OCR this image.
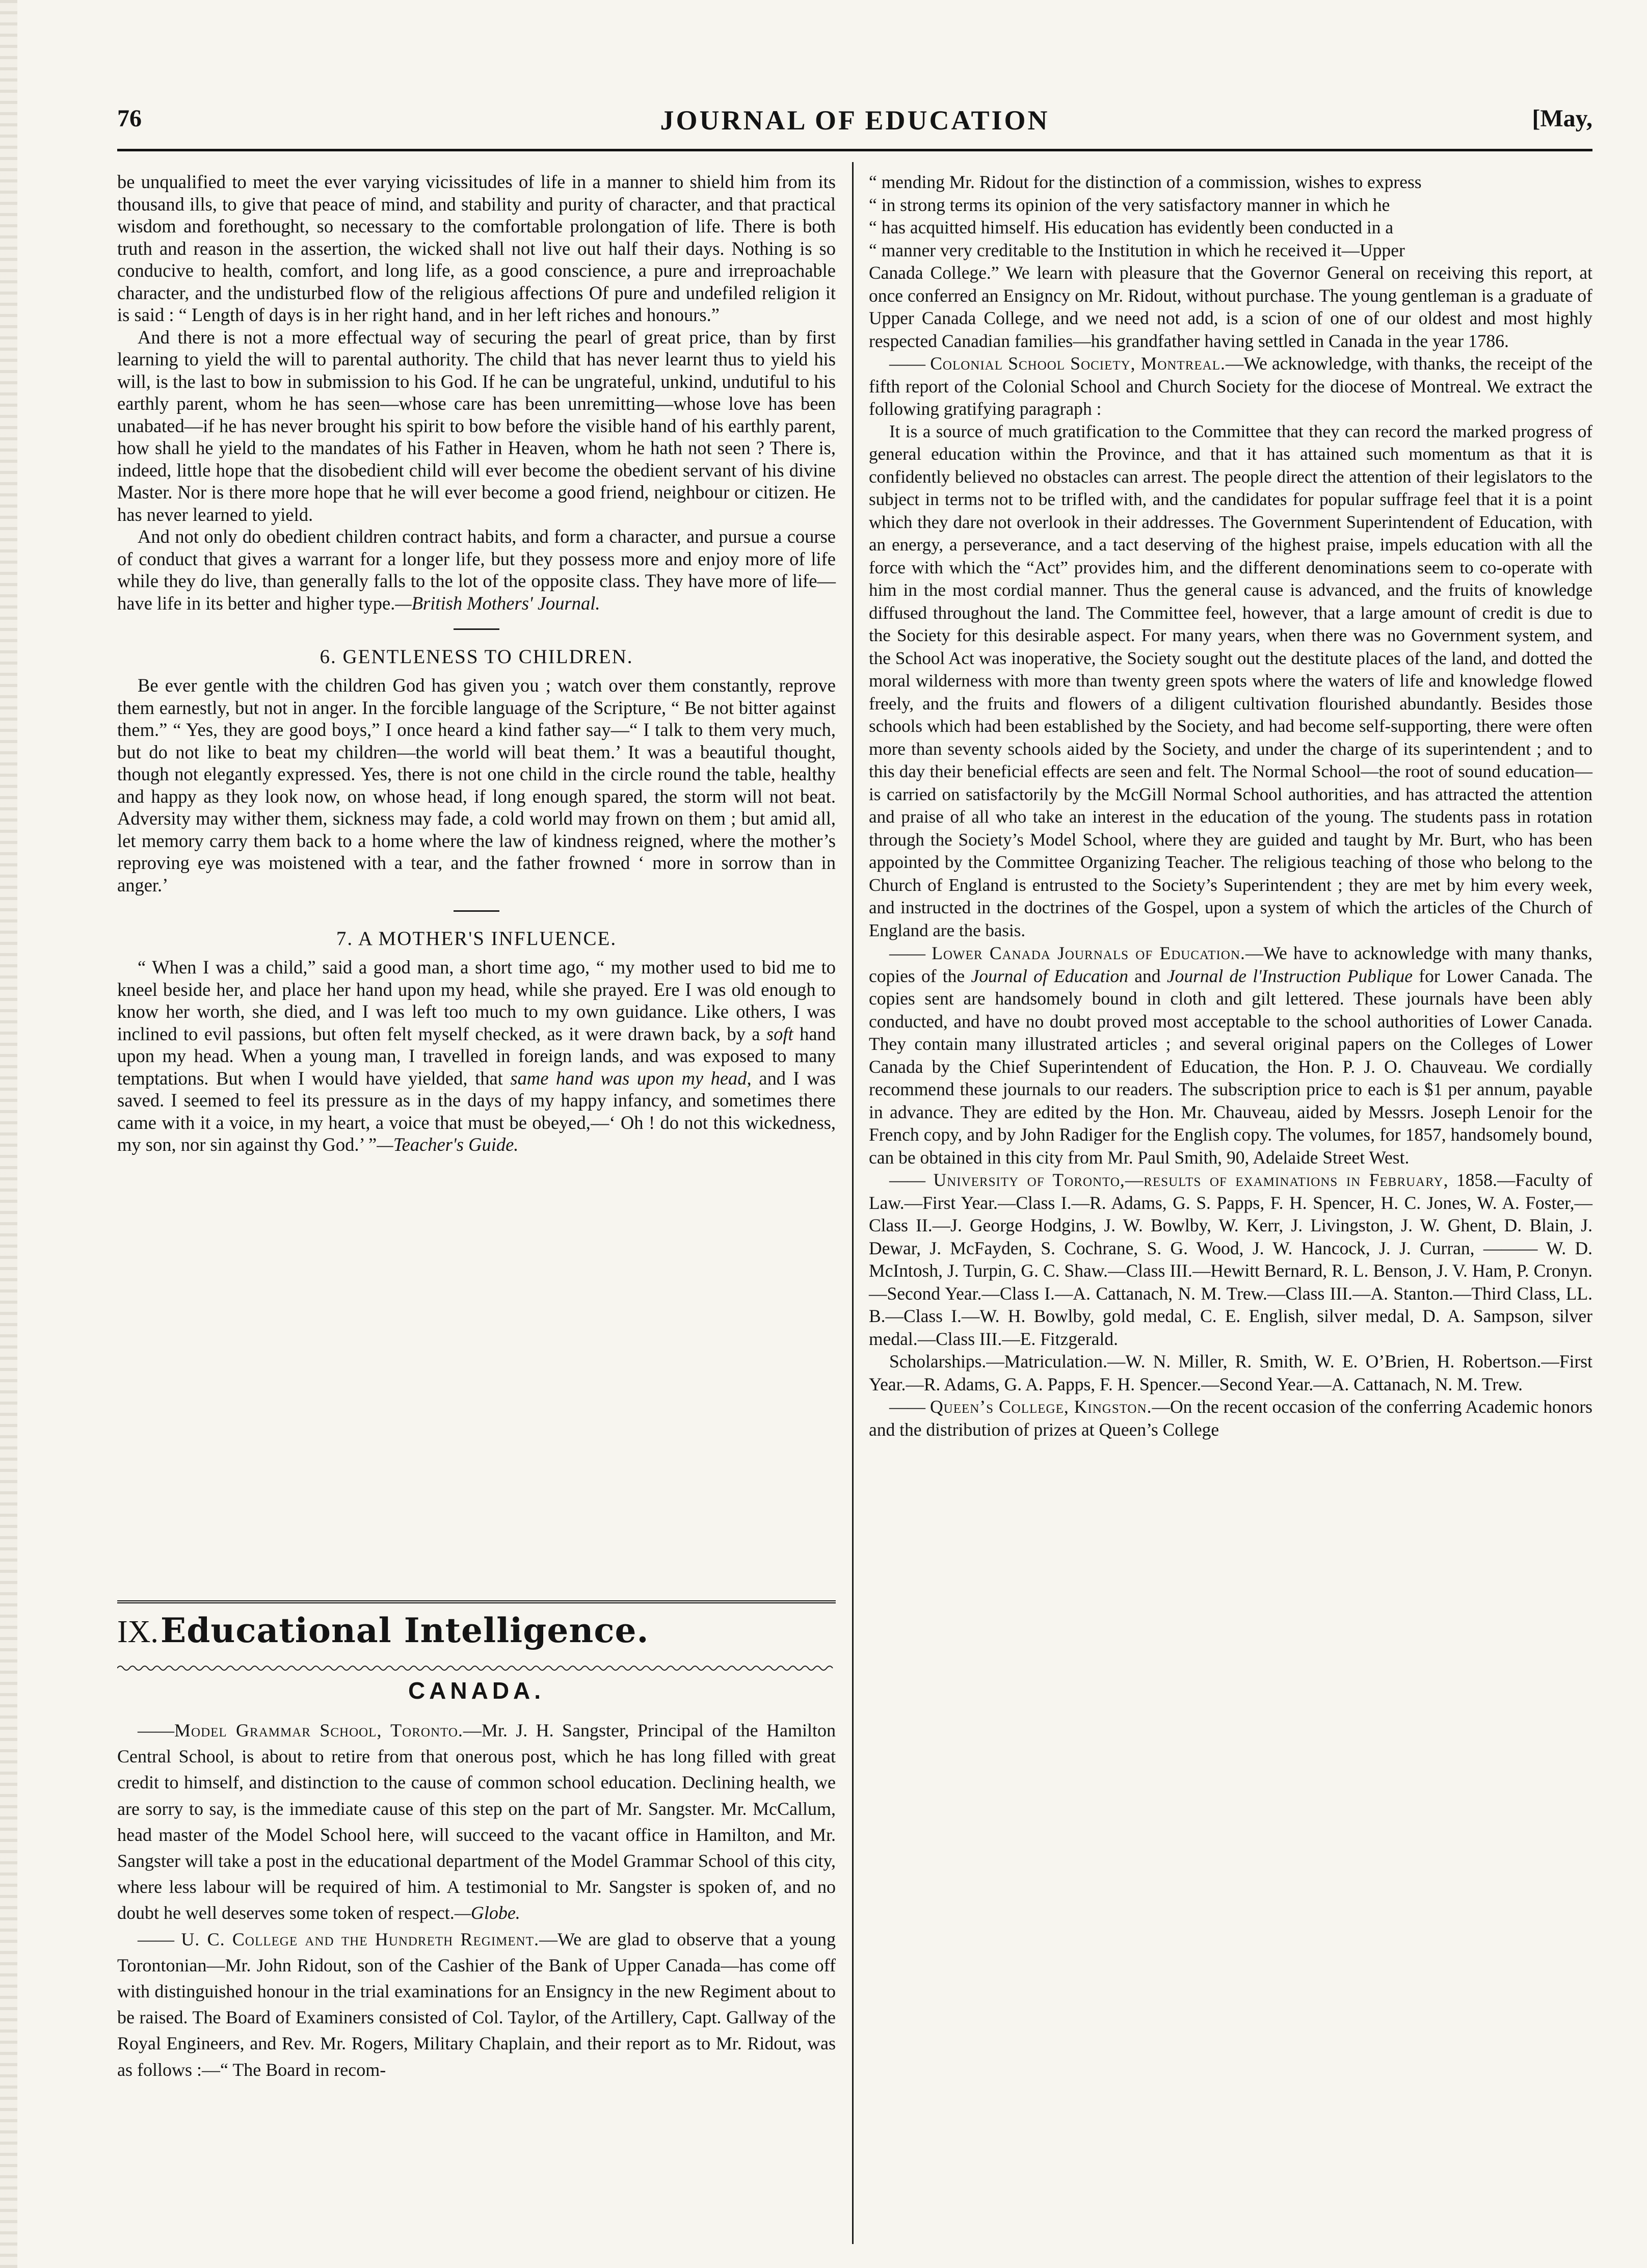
76	JOURNAL OF EDUCATION	[May,

be unqualified to meet the ever varying vicissitudes of life in a manner to shield him from its thousand ills, to give that peace of mind, and stability and purity of character, and that practical wisdom and forethought, so necessary to the comfortable prolongation of life. There is both truth and reason in the assertion, the wicked shall not live out half their days. Nothing is so conducive to health, comfort, and long life, as a good conscience, a pure and irreproachable character, and the undisturbed flow of the religious affections Of pure and undefiled religion it is said : “ Length of days is in her right hand, and in her left riches and honours.”

And there is not a more effectual way of securing the pearl of great price, than by first learning to yield the will to parental authority. The child that has never learnt thus to yield his will, is the last to bow in submission to his God. If he can be ungrateful, unkind, undutiful to his earthly parent, whom he has seen—whose care has been unremitting—whose love has been unabated—if he has never brought his spirit to bow before the visible hand of his earthly parent, how shall he yield to the mandates of his Father in Heaven, whom he hath not seen ? There is, indeed, little hope that the disobedient child will ever become the obedient servant of his divine Master. Nor is there more hope that he will ever become a good friend, neighbour or citizen. He has never learned to yield.

And not only do obedient children contract habits, and form a character, and pursue a course of conduct that gives a warrant for a longer life, but they possess more and enjoy more of life while they do live, than generally falls to the lot of the opposite class. They have more of life—have life in its better and higher type.—British Mothers' Journal.

6. GENTLENESS TO CHILDREN.

Be ever gentle with the children God has given you ; watch over them constantly, reprove them earnestly, but not in anger. In the forcible language of the Scripture, “ Be not bitter against them.” “ Yes, they are good boys,” I once heard a kind father say—“ I talk to them very much, but do not like to beat my children—the world will beat them.’ It was a beautiful thought, though not elegantly expressed. Yes, there is not one child in the circle round the table, healthy and happy as they look now, on whose head, if long enough spared, the storm will not beat. Adversity may wither them, sickness may fade, a cold world may frown on them ; but amid all, let memory carry them back to a home where the law of kindness reigned, where the mother’s reproving eye was moistened with a tear, and the father frowned ‘ more in sorrow than in anger.’

7. A MOTHER'S INFLUENCE.

“ When I was a child,” said a good man, a short time ago, “ my mother used to bid me to kneel beside her, and place her hand upon my head, while she prayed. Ere I was old enough to know her worth, she died, and I was left too much to my own guidance. Like others, I was inclined to evil passions, but often felt myself checked, as it were drawn back, by a soft hand upon my head. When a young man, I travelled in foreign lands, and was exposed to many temptations. But when I would have yielded, that same hand was upon my head, and I was saved. I seemed to feel its pressure as in the days of my happy infancy, and sometimes there came with it a voice, in my heart, a voice that must be obeyed,—‘ Oh ! do not this wickedness, my son, nor sin against thy God.’ ”—Teacher's Guide.

IX. Educational Intelligence.
CANADA.

——Model Grammar School, Toronto.—Mr. J. H. Sangster, Principal of the Hamilton Central School, is about to retire from that onerous post, which he has long filled with great credit to himself, and distinction to the cause of common school education. Declining health, we are sorry to say, is the immediate cause of this step on the part of Mr. Sangster. Mr. McCallum, head master of the Model School here, will succeed to the vacant office in Hamilton, and Mr. Sangster will take a post in the educational department of the Model Grammar School of this city, where less labour will be required of him. A testimonial to Mr. Sangster is spoken of, and no doubt he well deserves some token of respect.—Globe.

—— U. C. College and the Hundreth Regiment.—We are glad to observe that a young Torontonian—Mr. John Ridout, son of the Cashier of the Bank of Upper Canada—has come off with distinguished honour in the trial examinations for an Ensigncy in the new Regiment about to be raised. The Board of Examiners consisted of Col. Taylor, of the Artillery, Capt. Gallway of the Royal Engineers, and Rev. Mr. Rogers, Military Chaplain, and their report as to Mr. Ridout, was as follows :—“ The Board in recom-

“ mending Mr. Ridout for the distinction of a commission, wishes to express
“ in strong terms its opinion of the very satisfactory manner in which he
“ has acquitted himself. His education has evidently been conducted in a
“ manner very creditable to the Institution in which he received it—Upper

Canada College.” We learn with pleasure that the Governor General on receiving this report, at once conferred an Ensigncy on Mr. Ridout, without purchase. The young gentleman is a graduate of Upper Canada College, and we need not add, is a scion of one of our oldest and most highly respected Canadian families—his grandfather having settled in Canada in the year 1786.

—— Colonial School Society, Montreal.—We acknowledge, with thanks, the receipt of the fifth report of the Colonial School and Church Society for the diocese of Montreal. We extract the following gratifying paragraph :

It is a source of much gratification to the Committee that they can record the marked progress of general education within the Province, and that it has attained such momentum as that it is confidently believed no obstacles can arrest. The people direct the attention of their legislators to the subject in terms not to be trifled with, and the candidates for popular suffrage feel that it is a point which they dare not overlook in their addresses. The Government Superintendent of Education, with an energy, a perseverance, and a tact deserving of the highest praise, impels education with all the force with which the “Act” provides him, and the different denominations seem to co-operate with him in the most cordial manner. Thus the general cause is advanced, and the fruits of knowledge diffused throughout the land. The Committee feel, however, that a large amount of credit is due to the Society for this desirable aspect. For many years, when there was no Government system, and the School Act was inoperative, the Society sought out the destitute places of the land, and dotted the moral wilderness with more than twenty green spots where the waters of life and knowledge flowed freely, and the fruits and flowers of a diligent cultivation flourished abundantly. Besides those schools which had been established by the Society, and had become self-supporting, there were often more than seventy schools aided by the Society, and under the charge of its superintendent ; and to this day their beneficial effects are seen and felt. The Normal School—the root of sound education—is carried on satisfactorily by the McGill Normal School authorities, and has attracted the attention and praise of all who take an interest in the education of the young. The students pass in rotation through the Society’s Model School, where they are guided and taught by Mr. Burt, who has been appointed by the Committee Organizing Teacher. The religious teaching of those who belong to the Church of England is entrusted to the Society’s Superintendent ; they are met by him every week, and instructed in the doctrines of the Gospel, upon a system of which the articles of the Church of England are the basis.

—— Lower Canada Journals of Education.—We have to acknowledge with many thanks, copies of the Journal of Education and Journal de l'Instruction Publique for Lower Canada. The copies sent are handsomely bound in cloth and gilt lettered. These journals have been ably conducted, and have no doubt proved most acceptable to the school authorities of Lower Canada. They contain many illustrated articles ; and several original papers on the Colleges of Lower Canada by the Chief Superintendent of Education, the Hon. P. J. O. Chauveau. We cordially recommend these journals to our readers. The subscription price to each is $1 per annum, payable in advance. They are edited by the Hon. Mr. Chauveau, aided by Messrs. Joseph Lenoir for the French copy, and by John Radiger for the English copy. The volumes, for 1857, handsomely bound, can be obtained in this city from Mr. Paul Smith, 90, Adelaide Street West.

—— University of Toronto,—results of examinations in February, 1858.—Faculty of Law.—First Year.—Class I.—R. Adams, G. S. Papps, F. H. Spencer, H. C. Jones, W. A. Foster,—Class II.—J. George Hodgins, J. W. Bowlby, W. Kerr, J. Livingston, J. W. Ghent, D. Blain, J. Dewar, J. McFayden, S. Cochrane, S. G. Wood, J. W. Hancock, J. J. Curran, ——— W. D. McIntosh, J. Turpin, G. C. Shaw.—Class III.—Hewitt Bernard, R. L. Benson, J. V. Ham, P. Cronyn.—Second Year.—Class I.—A. Cattanach, N. M. Trew.—Class III.—A. Stanton.—Third Class, LL. B.—Class I.—W. H. Bowlby, gold medal, C. E. English, silver medal, D. A. Sampson, silver medal.—Class III.—E. Fitzgerald.

Scholarships.—Matriculation.—W. N. Miller, R. Smith, W. E. O’Brien, H. Robertson.—First Year.—R. Adams, G. A. Papps, F. H. Spencer.—Second Year.—A. Cattanach, N. M. Trew.

—— Queen’s College, Kingston.—On the recent occasion of the conferring Academic honors and the distribution of prizes at Queen’s College
